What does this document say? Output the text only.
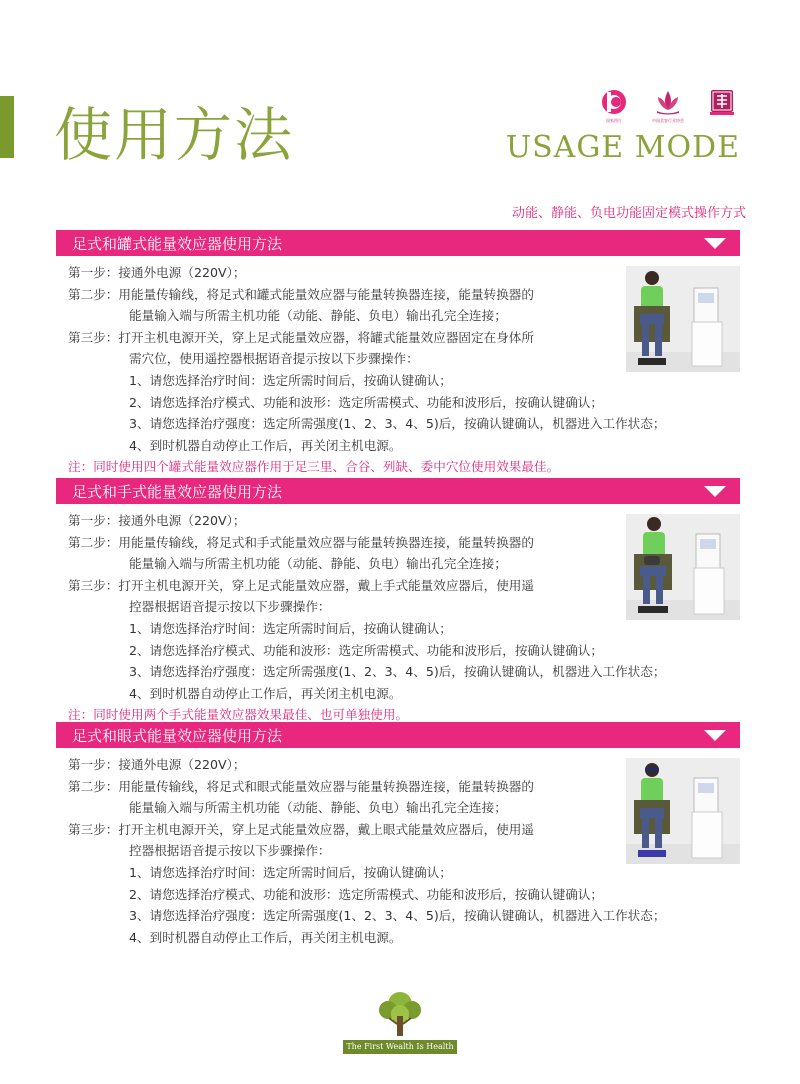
使用方法	国家图片	中国美容行业协会
USAGE MODE
动能、静能、负电功能固定模式操作方式
足式和罐式能量效应器使用方法
第一步：接通外电源（220V）；
第二步：用能量传输线，将足式和罐式能量效应器与能量转换器连接，能量转换器的
能量输入端与所需主机功能（动能、静能、负电）输出孔完全连接；
第三步：打开主机电源开关，穿上足式能量效应器，将罐式能量效应器固定在身体所
需穴位，使用遥控器根据语音提示按以下步骤操作：
1、请您选择治疗时间：选定所需时间后，按确认键确认；
2、请您选择治疗模式、功能和波形：选定所需模式、功能和波形后，按确认键确认；
3、请您选择治疗强度：选定所需强度(1、2、3、4、5)后，按确认键确认，机器进入工作状态；
4、到时机器自动停止工作后，再关闭主机电源。
注：同时使用四个罐式能量效应器作用于足三里、合谷、列缺、委中穴位使用效果最佳。
足式和手式能量效应器使用方法
第一步：接通外电源（220V）；
第二步：用能量传输线，将足式和手式能量效应器与能量转换器连接，能量转换器的
能量输入端与所需主机功能（动能、静能、负电）输出孔完全连接；
第三步：打开主机电源开关，穿上足式能量效应器，戴上手式能量效应器后，使用遥
控器根据语音提示按以下步骤操作：
1、请您选择治疗时间：选定所需时间后，按确认键确认；
2、请您选择治疗模式、功能和波形：选定所需模式、功能和波形后，按确认键确认；
3、请您选择治疗强度：选定所需强度(1、2、3、4、5)后，按确认键确认，机器进入工作状态；
4、到时机器自动停止工作后，再关闭主机电源。
注：同时使用两个手式能量效应器效果最佳、也可单独使用。
足式和眼式能量效应器使用方法
第一步：接通外电源（220V）；
第二步：用能量传输线，将足式和眼式能量效应器与能量转换器连接，能量转换器的
能量输入端与所需主机功能（动能、静能、负电）输出孔完全连接；
第三步：打开主机电源开关，穿上足式能量效应器，戴上眼式能量效应器后，使用遥
控器根据语音提示按以下步骤操作：
1、请您选择治疗时间：选定所需时间后，按确认键确认；
2、请您选择治疗模式、功能和波形：选定所需模式、功能和波形后，按确认键确认；
3、请您选择治疗强度：选定所需强度(1、2、3、4、5)后，按确认键确认，机器进入工作状态；
4、到时机器自动停止工作后，再关闭主机电源。
The First Wealth Is Health
